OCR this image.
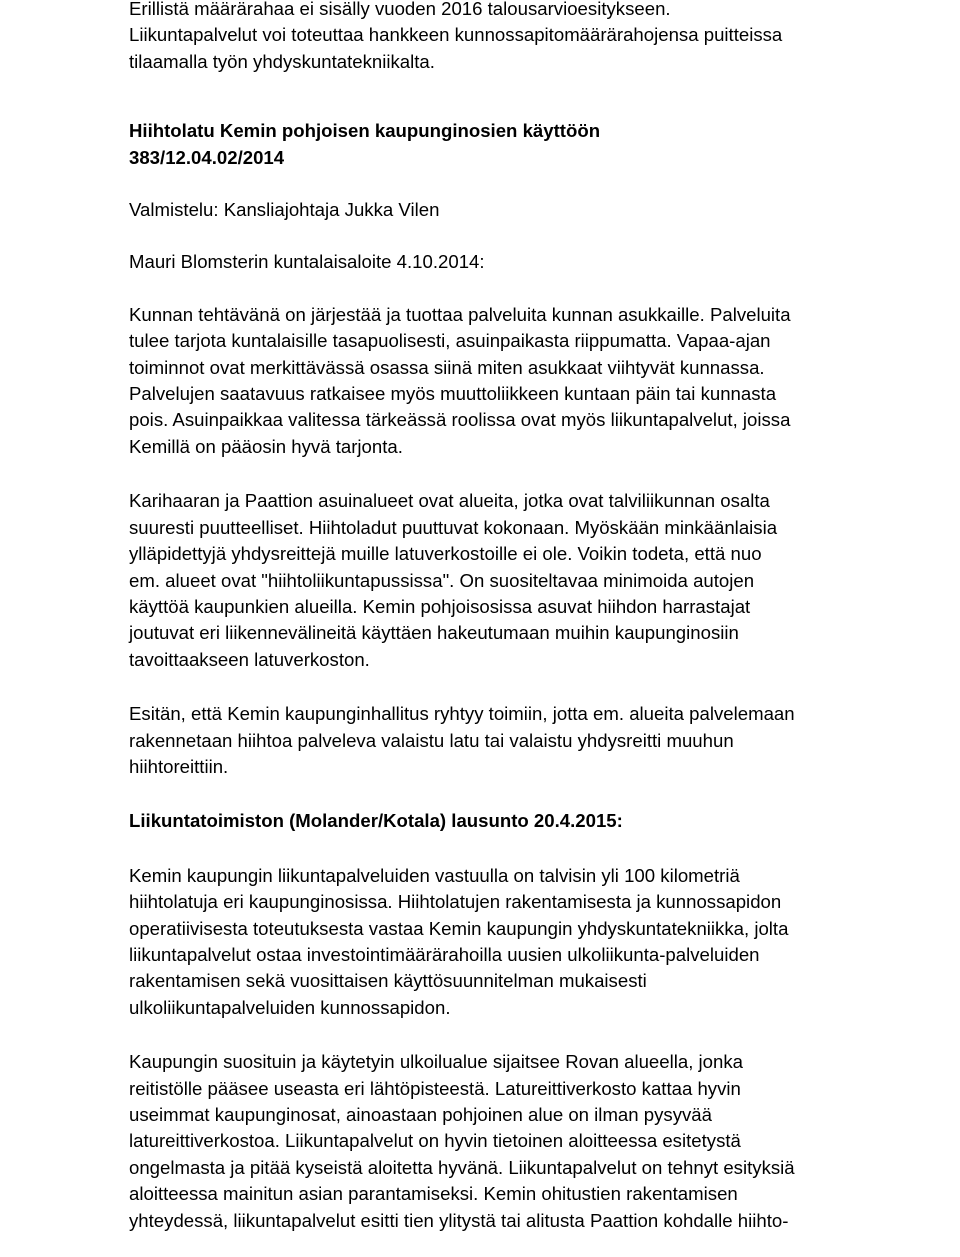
Erillistä määrärahaa ei sisälly vuoden 2016 talousarvioesitykseen.
Liikuntapalvelut voi toteuttaa hankkeen kunnossapitomäärärahojensa puitteissa
tilaamalla työn yhdyskuntatekniikalta.

Hiihtolatu Kemin pohjoisen kaupunginosien käyttöön

383/12.04.02/2014

Valmistelu: Kansliajohtaja Jukka Vilen

Mauri Blomsterin kuntalaisaloite 4.10.2014:

Kunnan tehtävänä on järjestää ja tuottaa palveluita kunnan asukkaille. Palveluita
tulee tarjota kuntalaisille tasapuolisesti, asuinpaikasta riippumatta. Vapaa-ajan
toiminnot ovat merkittävässä osassa siinä miten asukkaat viihtyvät kunnassa.
Palvelujen saatavuus ratkaisee myös muuttoliikkeen kuntaan päin tai kunnasta
pois. Asuinpaikkaa valitessa tärkeässä roolissa ovat myös liikuntapalvelut, joissa
Kemillä on pääosin hyvä tarjonta.

Karihaaran ja Paattion asuinalueet ovat alueita, jotka ovat talviliikunnan osalta
suuresti puutteelliset. Hiihtoladut puuttuvat kokonaan. Myöskään minkäänlaisia
ylläpidettyjä yhdysreittejä muille latuverkostoille ei ole. Voikin todeta, että nuo
em. alueet ovat "hiihtoliikuntapussissa". On suositeltavaa minimoida autojen
käyttöä kaupunkien alueilla. Kemin pohjoisosissa asuvat hiihdon harrastajat
joutuvat eri liikennevälineitä käyttäen hakeutumaan muihin kaupunginosiin
tavoittaakseen latuverkoston.

Esitän, että Kemin kaupunginhallitus ryhtyy toimiin, jotta em. alueita palvelemaan
rakennetaan hiihtoa palveleva valaistu latu tai valaistu yhdysreitti muuhun
hiihtoreittiin.

Liikuntatoimiston (Molander/Kotala) lausunto 20.4.2015:

Kemin kaupungin liikuntapalveluiden vastuulla on talvisin yli 100 kilometriä
hiihtolatuja eri kaupunginosissa. Hiihtolatujen rakentamisesta ja kunnossapidon
operatiivisesta toteutuksesta vastaa Kemin kaupungin yhdyskuntatekniikka, jolta
liikuntapalvelut ostaa investointimäärärahoilla uusien ulkoliikunta-palveluiden
rakentamisen sekä vuosittaisen käyttösuunnitelman mukaisesti
ulkoliikuntapalveluiden kunnossapidon.

Kaupungin suosituin ja käytetyin ulkoilualue sijaitsee Rovan alueella, jonka
reitistölle pääsee useasta eri lähtöpisteestä. Latureittiverkosto kattaa hyvin
useimmat kaupunginosat, ainoastaan pohjoinen alue on ilman pysyvää
latureittiverkostoa. Liikuntapalvelut on hyvin tietoinen aloitteessa esitetystä
ongelmasta ja pitää kyseistä aloitetta hyvänä. Liikuntapalvelut on tehnyt esityksiä
aloitteessa mainitun asian parantamiseksi. Kemin ohitustien rakentamisen
yhteydessä, liikuntapalvelut esitti tien ylitystä tai alitusta Paattion kohdalle hiihto-
